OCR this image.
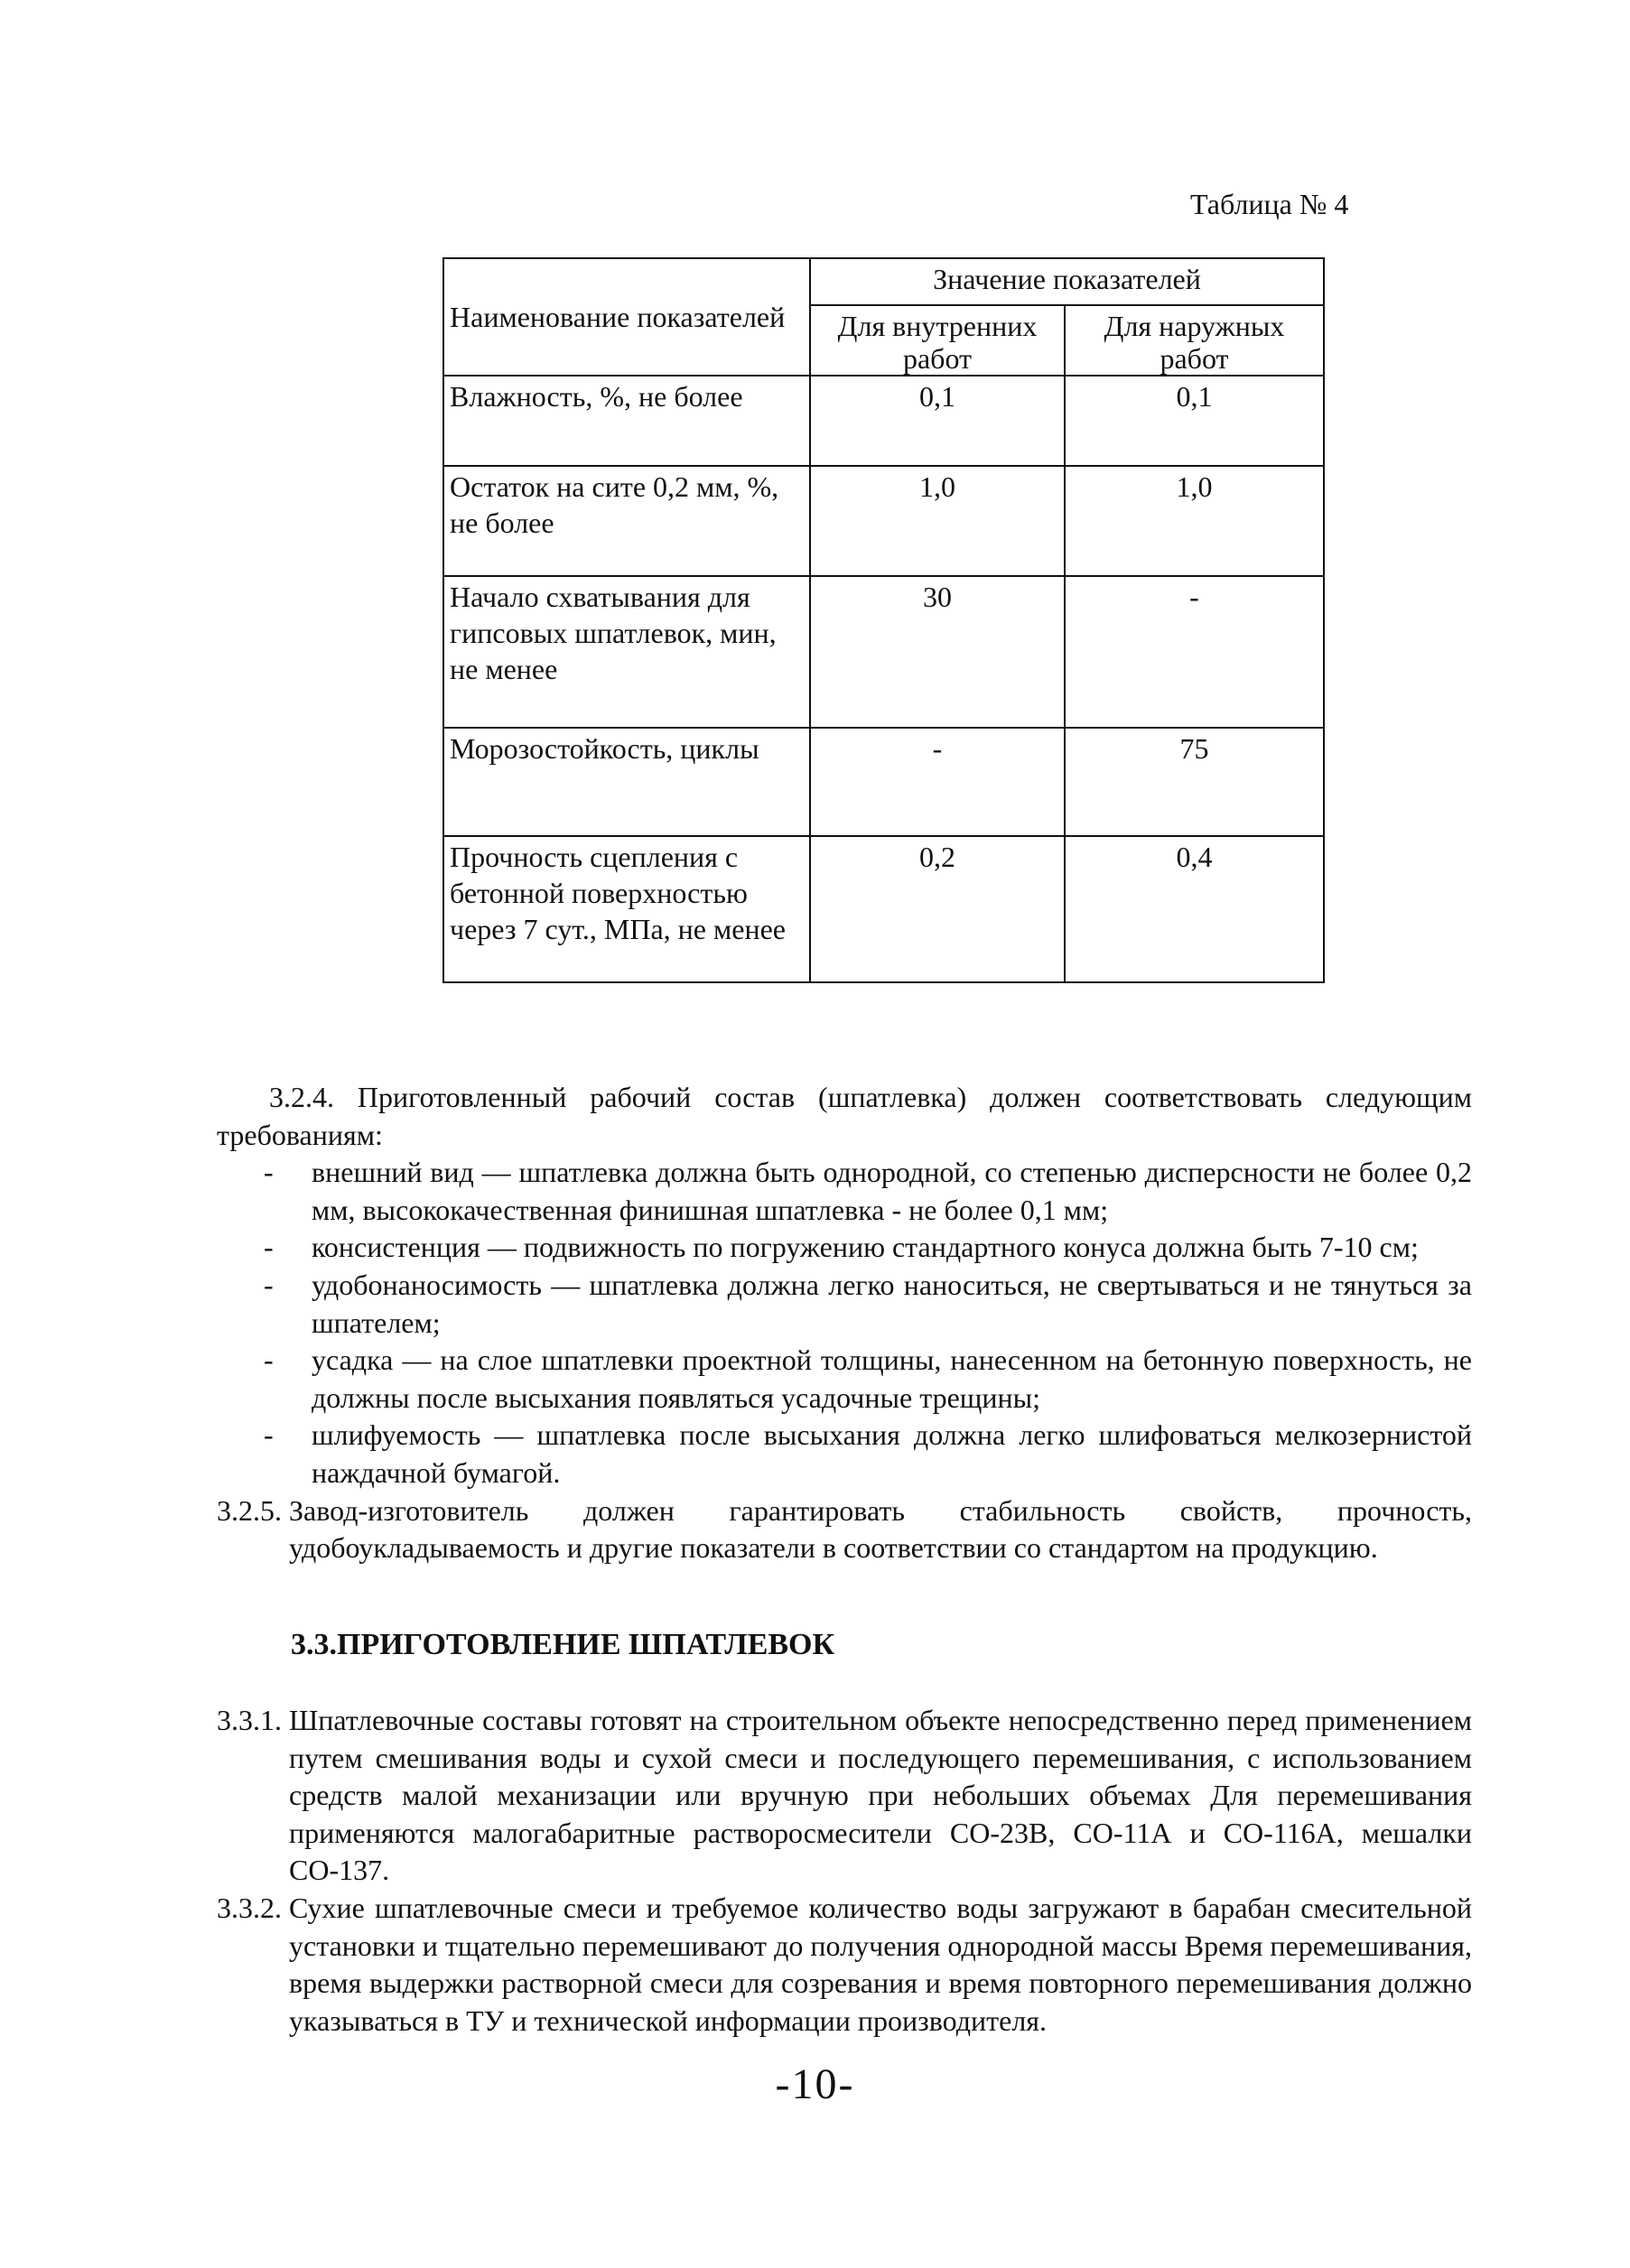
Таблица № 4
Наименование показателей	Значение показателей	
	Для внутренних работ	Для наружных работ
Влажность, %, не более	0,1	0,1
Остаток на сите 0,2 мм, %, не более	1,0	1,0
Начало схватывания для гипсовых шпатлевок, мин, не менее	30	-
Морозостойкость, циклы	-	75
Прочность сцепления с бетонной поверхностью через 7 сут., МПа, не менее	0,2	0,4

3.2.4. Приготовленный рабочий состав (шпатлевка) должен соответствовать следующим требованиям:

- внешний вид — шпатлевка должна быть однородной, со степенью дисперсности не более 0,2 мм, высококачественная финишная шпатлевка - не более 0,1 мм;
- консистенция — подвижность по погружению стандартного конуса должна быть 7-10 см;
- удобонаносимость — шпатлевка должна легко наноситься, не свертываться и не тянуться за шпателем;
- усадка — на слое шпатлевки проектной толщины, нанесенном на бетонную поверхность, не должны после высыхания появляться усадочные трещины;
- шлифуемость — шпатлевка после высыхания должна легко шлифоваться мелкозернистой наждачной бумагой.
3.2.5. Завод-изготовитель должен гарантировать стабильность свойств, прочность, удобоукладываемость и другие показатели в соответствии со стандартом на продукцию.
3.3.ПРИГОТОВЛЕНИЕ ШПАТЛЕВОК
3.3.1. Шпатлевочные составы готовят на строительном объекте непосредственно перед применением путем смешивания воды и сухой смеси и последующего перемешивания, с использованием средств малой механизации или вручную при небольших объемах Для перемешивания применяются малогабаритные растворосмесители СО-23В, СО-11А и СО-116А, мешалки СО-137.
3.3.2. Сухие шпатлевочные смеси и требуемое количество воды загружают в барабан смесительной установки и тщательно перемешивают до получения однородной массы Время перемешивания, время выдержки растворной смеси для созревания и время повторного перемешивания должно указываться в ТУ и технической информации производителя.
-10-
